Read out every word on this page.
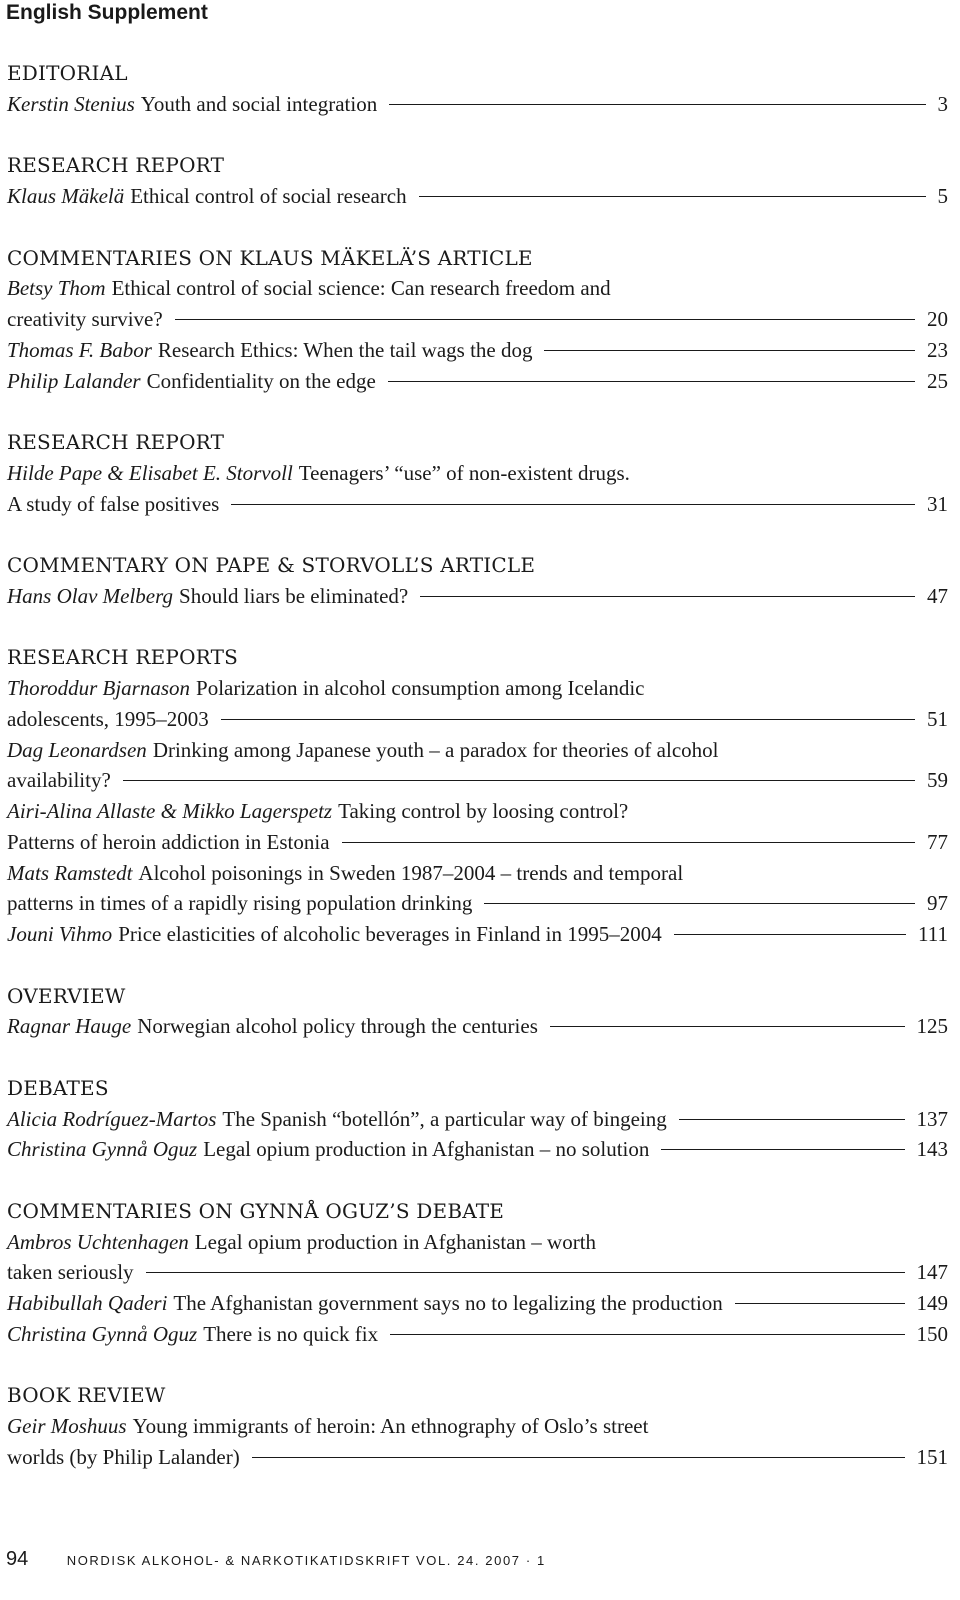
English Supplement
EDITORIAL
Kerstin Stenius Youth and social integration	3
RESEARCH REPORT
Klaus Mäkelä Ethical control of social research	5
COMMENTARIES ON KLAUS MÄKELÄ’S ARTICLE
Betsy Thom Ethical control of social science: Can research freedom and
creativity survive?	20
Thomas F. Babor Research Ethics: When the tail wags the dog	23
Philip Lalander Confidentiality on the edge	25
RESEARCH REPORT
Hilde Pape & Elisabet E. Storvoll Teenagers’ “use” of non-existent drugs.
A study of false positives	31
COMMENTARY ON PAPE & STORVOLL’S ARTICLE
Hans Olav Melberg Should liars be eliminated?	47
RESEARCH REPORTS
Thoroddur Bjarnason Polarization in alcohol consumption among Icelandic
adolescents, 1995–2003	51
Dag Leonardsen Drinking among Japanese youth – a paradox for theories of alcohol
availability?	59
Airi-Alina Allaste & Mikko Lagerspetz Taking control by loosing control?
Patterns of heroin addiction in Estonia	77
Mats Ramstedt Alcohol poisonings in Sweden 1987–2004 – trends and temporal
patterns in times of a rapidly rising population drinking	97
Jouni Vihmo Price elasticities of alcoholic beverages in Finland in 1995–2004	111
OVERVIEW
Ragnar Hauge Norwegian alcohol policy through the centuries	125
DEBATES
Alicia Rodríguez-Martos The Spanish “botellón”, a particular way of bingeing	137
Christina Gynnå Oguz Legal opium production in Afghanistan – no solution	143
COMMENTARIES ON GYNNÅ OGUZ’S DEBATE
Ambros Uchtenhagen Legal opium production in Afghanistan – worth
taken seriously	147
Habibullah Qaderi The Afghanistan government says no to legalizing the production	149
Christina Gynnå Oguz There is no quick fix	150
BOOK REVIEW
Geir Moshuus Young immigrants of heroin: An ethnography of Oslo’s street
worlds (by Philip Lalander)	151
94	NORDISK ALKOHOL- & NARKOTIKATIDSKRIFT VOL. 24. 2007 · 1
